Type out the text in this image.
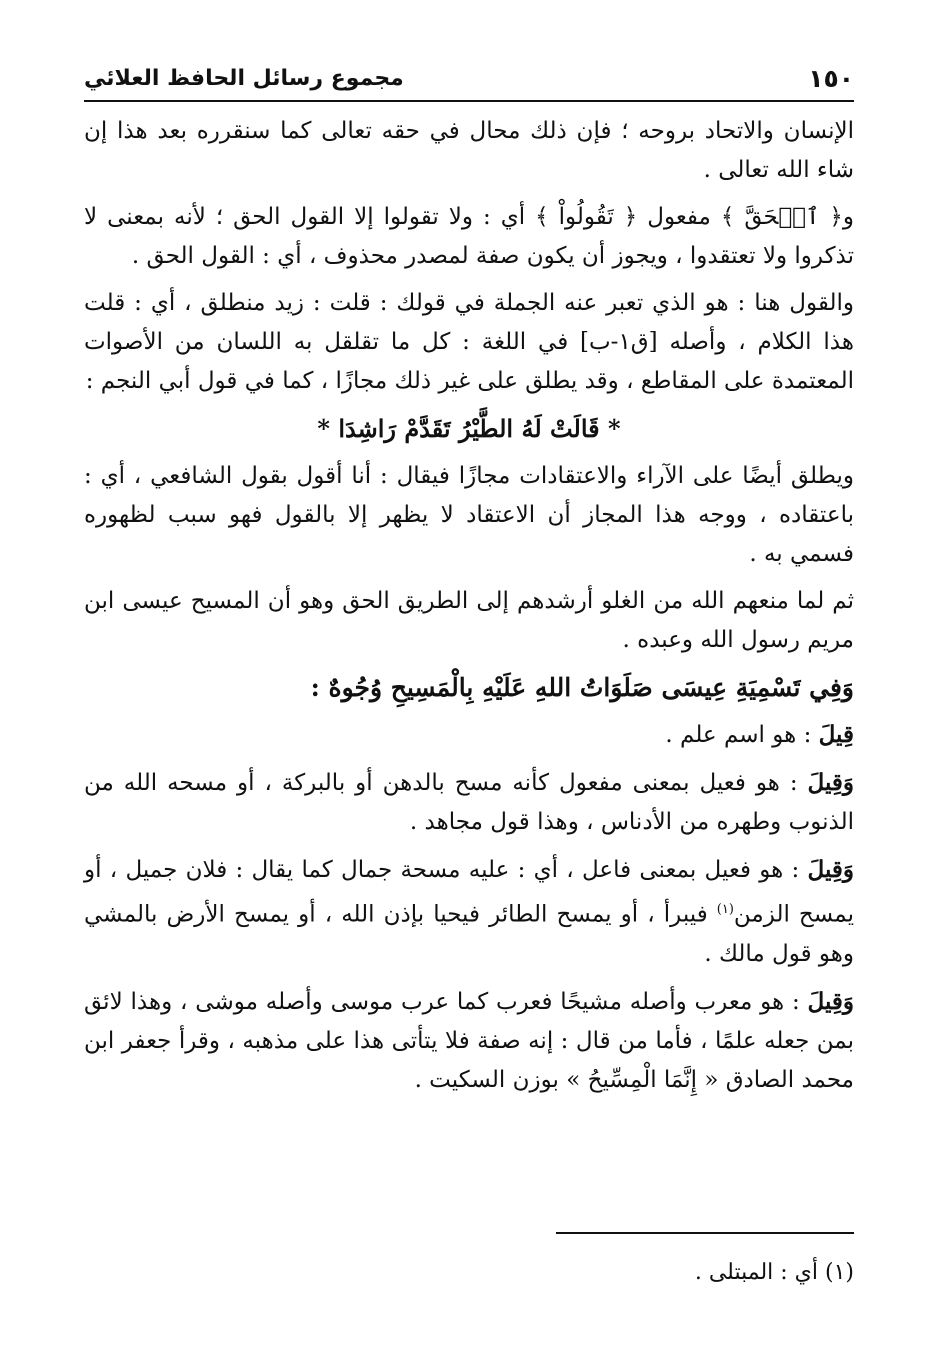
١٥٠
مجموع رسائل الحافظ العلائي

الإنسان والاتحاد بروحه ؛ فإن ذلك محال في حقه تعالى كما سنقرره بعد هذا إن شاء الله تعالى .

و﴿ ٱلۡحَقَّ ﴾ مفعول ﴿ تَقُولُواْ ﴾ أي : ولا تقولوا إلا القول الحق ؛ لأنه بمعنى لا تذكروا ولا تعتقدوا ، ويجوز أن يكون صفة لمصدر محذوف ، أي : القول الحق .

والقول هنا : هو الذي تعبر عنه الجملة في قولك : قلت : زيد منطلق ، أي : قلت هذا الكلام ، وأصله [ق١-ب] في اللغة : كل ما تقلقل به اللسان من الأصوات المعتمدة على المقاطع ، وقد يطلق على غير ذلك مجازًا ، كما في قول أبي النجم :

* قَالَتْ لَهُ الطَّيْرُ تَقَدَّمْ رَاشِدَا *

ويطلق أيضًا على الآراء والاعتقادات مجازًا فيقال : أنا أقول بقول الشافعي ، أي : باعتقاده ، ووجه هذا المجاز أن الاعتقاد لا يظهر إلا بالقول فهو سبب لظهوره فسمي به .

ثم لما منعهم الله من الغلو أرشدهم إلى الطريق الحق وهو أن المسيح عيسى ابن مريم رسول الله وعبده .

وَفِي تَسْمِيَةِ عِيسَى صَلَوَاتُ اللهِ عَلَيْهِ بِالْمَسِيحِ وُجُوهٌ :

قِيلَ : هو اسم علم .

وَقِيلَ : هو فعيل بمعنى مفعول كأنه مسح بالدهن أو بالبركة ، أو مسحه الله من الذنوب وطهره من الأدناس ، وهذا قول مجاهد .

وَقِيلَ : هو فعيل بمعنى فاعل ، أي : عليه مسحة جمال كما يقال : فلان جميل ، أو يمسح الزمن$^{(١)}$ فيبرأ ، أو يمسح الطائر فيحيا بإذن الله ، أو يمسح الأرض بالمشي وهو قول مالك .

وَقِيلَ : هو معرب وأصله مشيحًا فعرب كما عرب موسى وأصله موشى ، وهذا لائق بمن جعله علمًا ، فأما من قال : إنه صفة فلا يتأتى هذا على مذهبه ، وقرأ جعفر ابن محمد الصادق « إِنَّمَا الْمِسِّيحُ » بوزن السكيت .

(١) أي : المبتلى .
